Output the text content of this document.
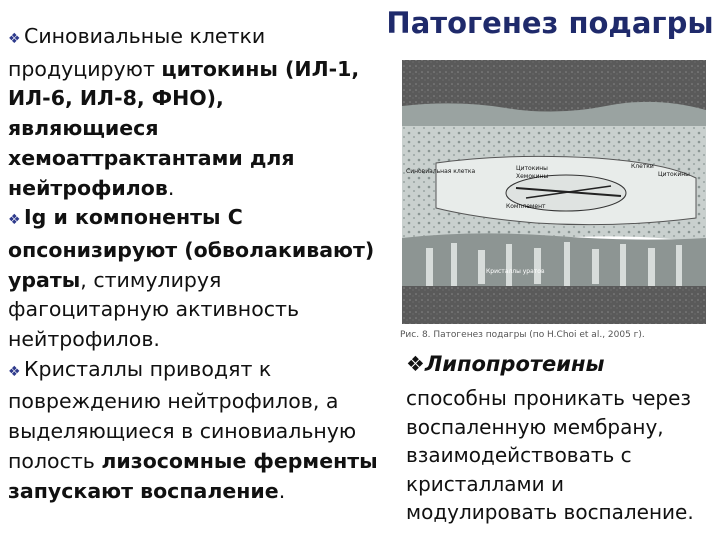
Патогенез подагры

❖ Синовиальные клетки продуцируют цитокины (ИЛ-1, ИЛ-6, ИЛ-8, ФНО), являющиеся хемоаттрактантами для нейтрофилов.

❖ Ig и компоненты С опсонизируют (обволакивают) ураты, стимулируя фагоцитарную активность нейтрофилов.

❖ Кристаллы приводят к повреждению нейтрофилов, а выделяющиеся в синовиальную полость лизосомные ферменты запускают воспаление.

Синовиальная клетка	Цитокины
Хемокины
Комплемент
Клетки
Цитокины
Кристаллы уратов
Рис. 8. Патогенез подагры (по H.Choi et al., 2005 г).
❖Липопротеины

способны проникать через воспаленную мембрану, взаимодействовать с кристаллами и модулировать воспаление.
